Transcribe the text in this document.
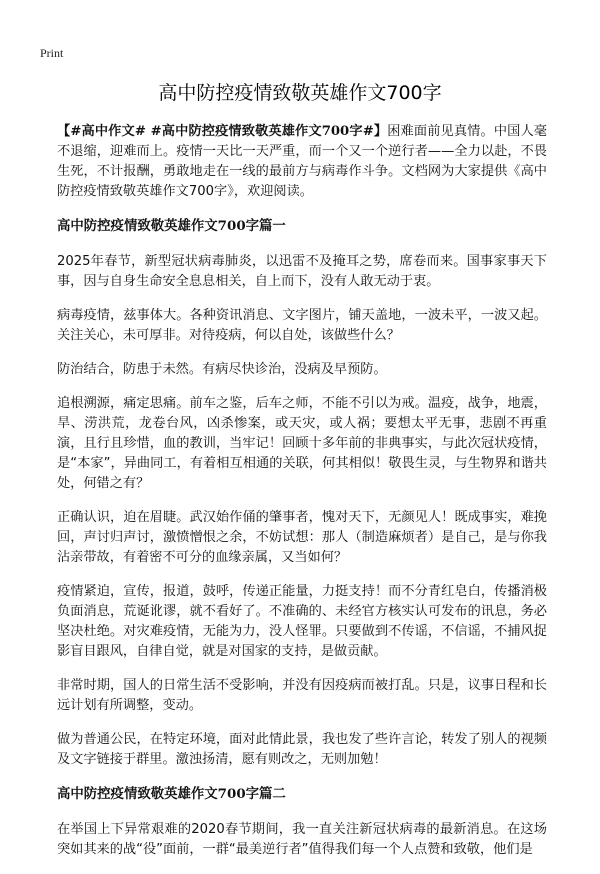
Print
高中防控疫情致敬英雄作文700字

【#高中作文# #高中防控疫情致敬英雄作文700字#】困难面前见真情。中国人毫不退缩，迎难而上。疫情一天比一天严重，而一个又一个逆行者——全力以赴，不畏生死，不计报酬，勇敢地走在一线的最前方与病毒作斗争。文档网为大家提供《高中防控疫情致敬英雄作文700字》，欢迎阅读。

高中防控疫情致敬英雄作文700字篇一

2025年春节，新型冠状病毒肺炎，以迅雷不及掩耳之势，席卷而来。国事家事天下事，因与自身生命安全息息相关，自上而下，没有人敢无动于衷。

病毒疫情，兹事体大。各种资讯消息、文字图片，铺天盖地，一波未平，一波又起。关注关心，未可厚非。对待疫病，何以自处，该做些什么？

防治结合，防患于未然。有病尽快诊治，没病及早预防。

追根溯源，痛定思痛。前车之鉴，后车之师，不能不引以为戒。温疫，战争，地震，旱、涝洪荒，龙卷台风，凶杀惨案，或天灾，或人祸；要想太平无事，悲剧不再重演，且行且珍惜，血的教训，当牢记！回顾十多年前的非典事实，与此次冠状疫情，是“本家”，异曲同工，有着相互相通的关联，何其相似！敬畏生灵，与生物界和谐共处，何错之有？

正确认识，迫在眉睫。武汉始作俑的肇事者，愧对天下，无颜见人！既成事实，难挽回，声讨归声讨，激愤憎恨之余，不妨试想：那人（制造麻烦者）是自己，是与你我沾亲带故，有着密不可分的血缘亲属，又当如何？

疫情紧迫，宣传，报道，鼓呼，传递正能量，力挺支持！而不分青红皂白，传播消极负面消息，荒诞讹谬，就不看好了。不准确的、未经官方核实认可发布的讯息，务必坚决杜绝。对灾难疫情，无能为力，没人怪罪。只要做到不传谣，不信谣，不捕风捉影盲目跟风，自律自觉，就是对国家的支持，是做贡献。

非常时期，国人的日常生活不受影响，并没有因疫病而被打乱。只是，议事日程和长远计划有所调整，变动。

做为普通公民，在特定环境，面对此情此景，我也发了些许言论，转发了别人的视频及文字链接于群里。激浊扬清，愿有则改之，无则加勉！

高中防控疫情致敬英雄作文700字篇二

在举国上下异常艰难的2020春节期间，我一直关注新冠状病毒的最新消息。在这场突如其来的战“役”面前，一群“最美逆行者”值得我们每一个人点赞和致敬，他们是
